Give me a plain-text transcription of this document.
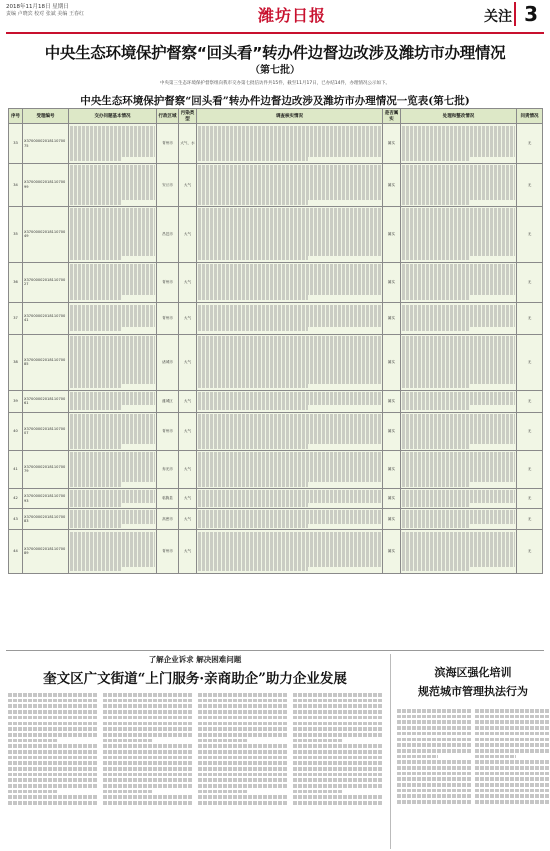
2018年11月18日 星期日
责编 卢晓宾 校对 张斌 美编 王春红	潍坊日报	关注 3
中央生态环境保护督察“回头看”转办件边督边改涉及潍坊市办理情况
（第七批）
中央第三生态环境保护督察组向我市交办第七批信访件共15件，截至11月17日，已办结14件，办理情况公示如下。
中央生态环境保护督察“回头看”转办件边督边改涉及潍坊市办理情况一览表(第七批)
序号	受理编号	交办问题基本情况	行政区域	污染类型	调查核实情况	是否属实	处理和整改情况	问责情况
33	X3700000201811070075		青州市	大气、水		属实		无
34	X3700000201811070099		安丘市	大气		属实		无
35	X3700000201811070049		昌邑市	大气		属实		无
36	X3700000201811070027		青州市	大气		属实		无
37	X3700000201811070041		青州市	大气		属实		无
38	X3700000201811070085		诸城市	大气		属实		无
39	X3700000201811070061		潍城区	大气		属实		无
40	X3700000201811070007		青州市	大气		属实		无
41	X3700000201811070079		寿光市	大气		属实		无
42	X3700000201811070093		临朐县	大气		属实		无
43	X3700000201811070083		高密市	大气		属实		无
44	X3700000201811070089		青州市	大气		属实		无
了解企业诉求 解决困难问题
奎文区广文街道“上门服务·亲商助企”助力企业发展	滨海区强化培训
规范城市管理执法行为
